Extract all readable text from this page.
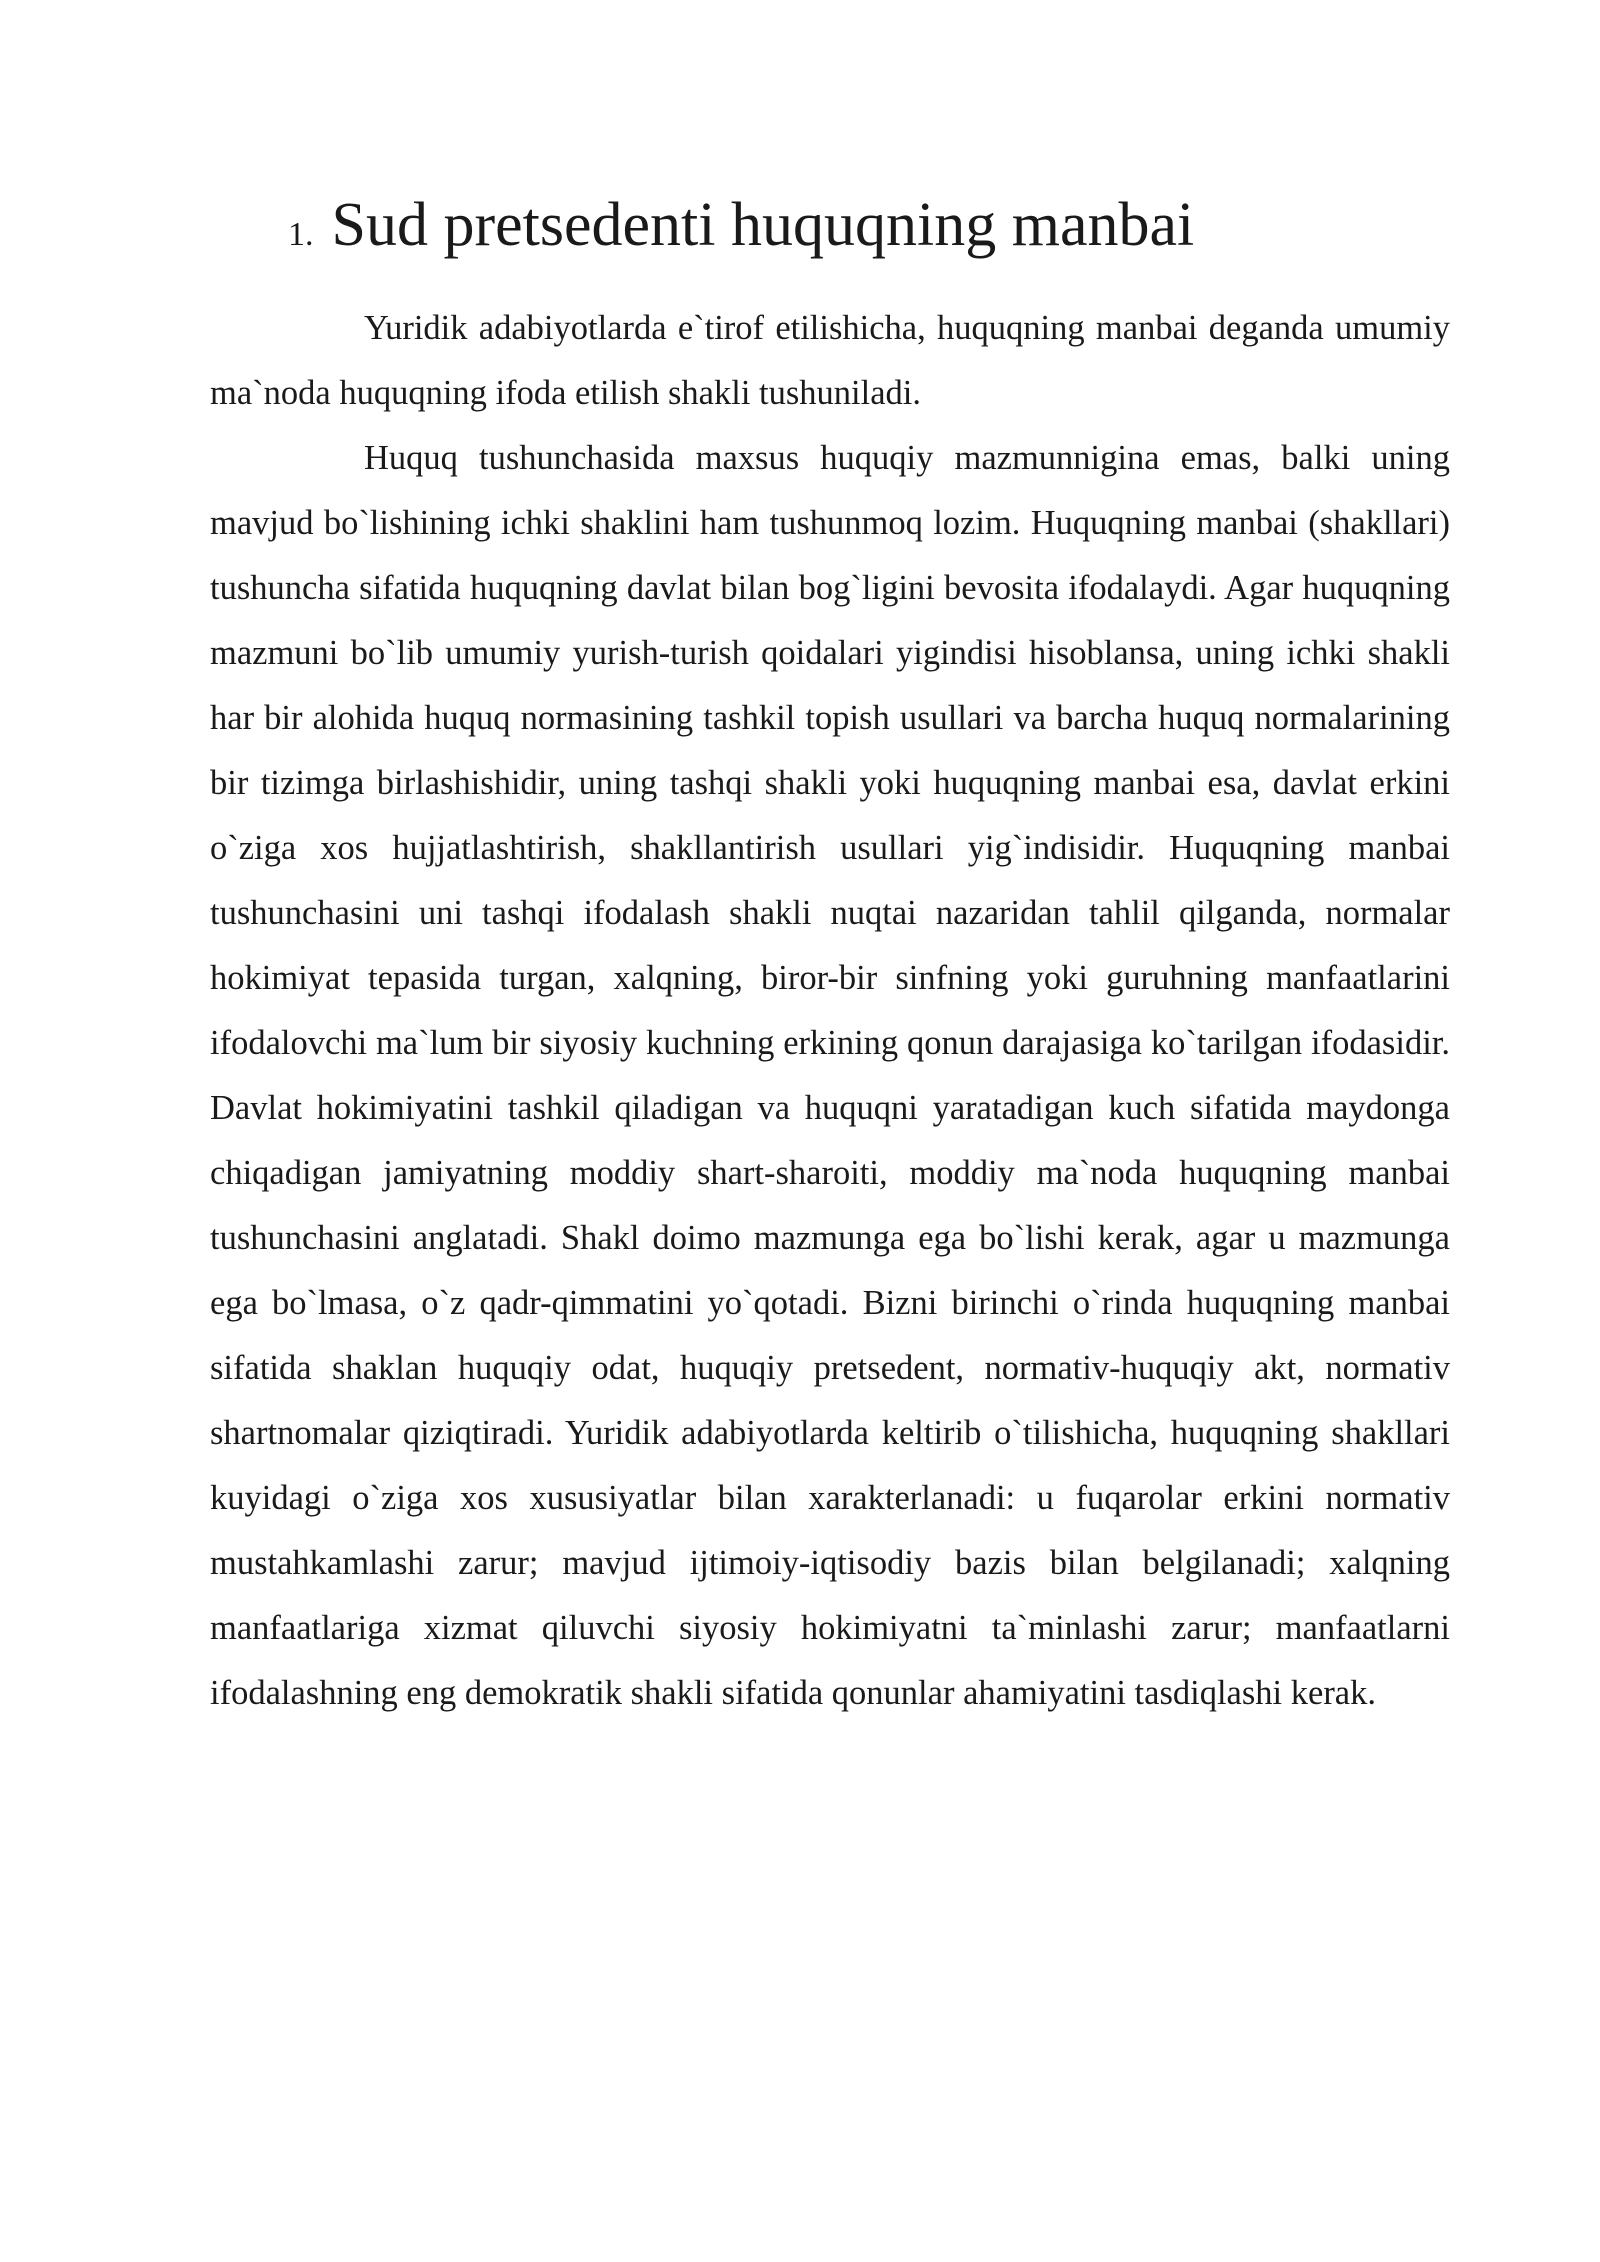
1. Sud pretsedenti huquqning manbai

Yuridik adabiyotlarda e`tirof etilishicha, huquqning manbai deganda umumiy ma`noda huquqning ifoda etilish shakli tushuniladi.

Huquq tushunchasida maxsus huquqiy mazmunnigina emas, balki uning mavjud bo`lishining ichki shaklini ham tushunmoq lozim. Huquqning manbai (shakllari) tushuncha sifatida huquqning davlat bilan bog`ligini bevosita ifodalaydi. Agar huquqning mazmuni bo`lib umumiy yurish-turish qoidalari yigindisi hisoblansa, uning ichki shakli har bir alohida huquq normasining tashkil topish usullari va barcha huquq normalarining bir tizimga birlashishidir, uning tashqi shakli yoki huquqning manbai esa, davlat erkini o`ziga xos hujjatlashtirish, shakllantirish usullari yig`indisidir. Huquqning manbai tushunchasini uni tashqi ifodalash shakli nuqtai nazaridan tahlil qilganda, normalar hokimiyat tepasida turgan, xalqning, biror-bir sinfning yoki guruhning manfaatlarini ifodalovchi ma`lum bir siyosiy kuchning erkining qonun darajasiga ko`tarilgan ifodasidir. Davlat hokimiyatini tashkil qiladigan va huquqni yaratadigan kuch sifatida maydonga chiqadigan jamiyatning moddiy shart-sharoiti, moddiy ma`noda huquqning manbai tushunchasini anglatadi. Shakl doimo mazmunga ega bo`lishi kerak, agar u mazmunga ega bo`lmasa, o`z qadr-qimmatini yo`qotadi. Bizni birinchi o`rinda huquqning manbai sifatida shaklan huquqiy odat, huquqiy pretsedent, normativ-huquqiy akt, normativ shartnomalar qiziqtiradi. Yuridik adabiyotlarda keltirib o`tilishicha, huquqning shakllari kuyidagi o`ziga xos xususiyatlar bilan xarakterlanadi: u fuqarolar erkini normativ mustahkamlashi zarur; mavjud ijtimoiy-iqtisodiy bazis bilan belgilanadi; xalqning manfaatlariga xizmat qiluvchi siyosiy hokimiyatni ta`minlashi zarur; manfaatlarni ifodalashning eng demokratik shakli sifatida qonunlar ahamiyatini tasdiqlashi kerak.
